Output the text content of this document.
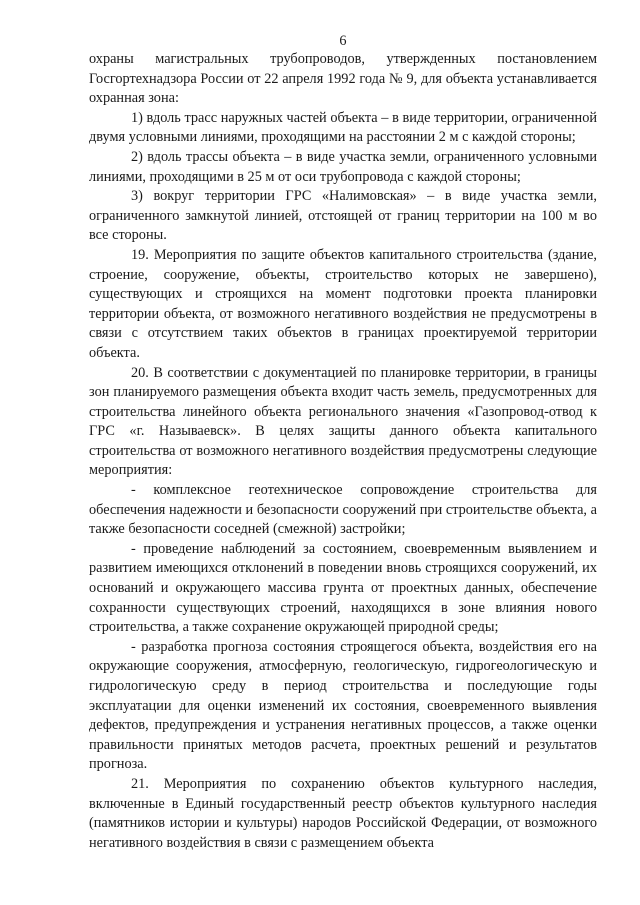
6

охраны магистральных трубопроводов, утвержденных постановлением Госгортехнадзора России от 22 апреля 1992 года № 9, для объекта устанавливается охранная зона:

1) вдоль трасс наружных частей объекта – в виде территории, ограниченной двумя условными линиями, проходящими на расстоянии 2 м с каждой стороны;

2) вдоль трассы объекта – в виде участка земли, ограниченного условными линиями, проходящими в 25 м от оси трубопровода с каждой стороны;

3) вокруг территории ГРС «Налимовская» – в виде участка земли, ограниченного замкнутой линией, отстоящей от границ территории на 100 м во все стороны.

19. Мероприятия по защите объектов капитального строительства (здание, строение, сооружение, объекты, строительство которых не завершено), существующих и строящихся на момент подготовки проекта планировки территории объекта, от возможного негативного воздействия не предусмотрены в связи с отсутствием таких объектов в границах проектируемой территории объекта.

20. В соответствии с документацией по планировке территории, в границы зон планируемого размещения объекта входит часть земель, предусмотренных для строительства линейного объекта регионального значения «Газопровод-отвод к ГРС «г. Называевск». В целях защиты данного объекта капитального строительства от возможного негативного воздействия предусмотрены следующие мероприятия:

- комплексное геотехническое сопровождение строительства для обеспечения надежности и безопасности сооружений при строительстве объекта, а также безопасности соседней (смежной) застройки;

- проведение наблюдений за состоянием, своевременным выявлением и развитием имеющихся отклонений в поведении вновь строящихся сооружений, их оснований и окружающего массива грунта от проектных данных, обеспечение сохранности существующих строений, находящихся в зоне влияния нового строительства, а также сохранение окружающей природной среды;

- разработка прогноза состояния строящегося объекта, воздействия его на окружающие сооружения, атмосферную, геологическую, гидрогеологическую и гидрологическую среду в период строительства и последующие годы эксплуатации для оценки изменений их состояния, своевременного выявления дефектов, предупреждения и устранения негативных процессов, а также оценки правильности принятых методов расчета, проектных решений и результатов прогноза.

21. Мероприятия по сохранению объектов культурного наследия, включенные в Единый государственный реестр объектов культурного наследия (памятников истории и культуры) народов Российской Федерации, от возможного негативного воздействия в связи с размещением объекта
